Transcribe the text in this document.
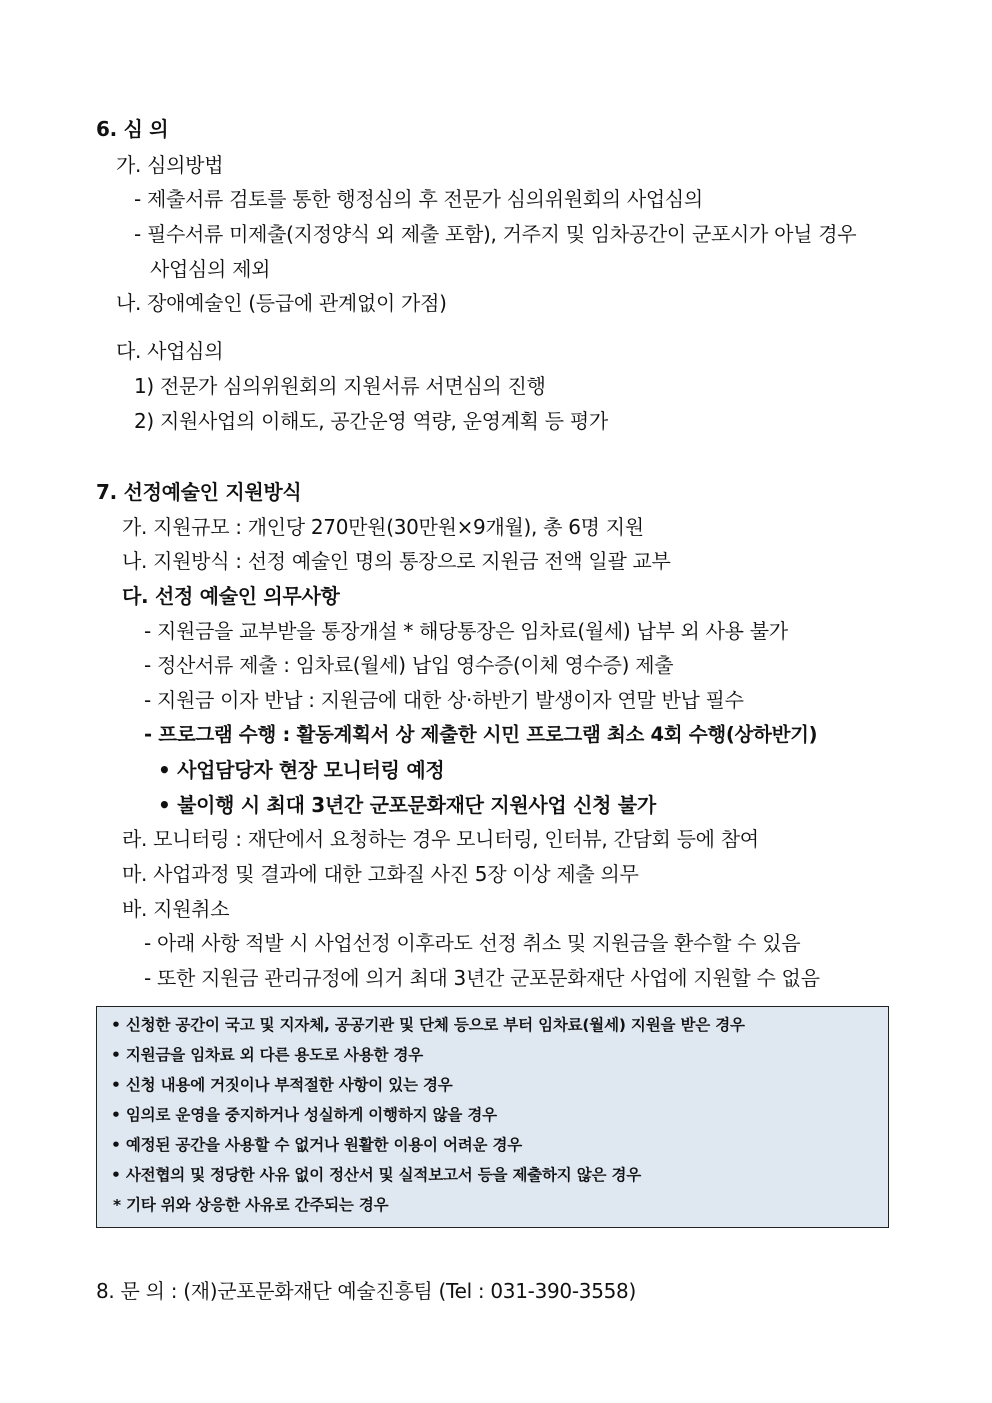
6. 심 의
가. 심의방법
- 제출서류 검토를 통한 행정심의 후 전문가 심의위원회의 사업심의
- 필수서류 미제출(지정양식 외 제출 포함), 거주지 및 임차공간이 군포시가 아닐 경우
사업심의 제외
나. 장애예술인 (등급에 관계없이 가점)
다. 사업심의
1) 전문가 심의위원회의 지원서류 서면심의 진행
2) 지원사업의 이해도, 공간운영 역량, 운영계획 등 평가
7. 선정예술인 지원방식
가. 지원규모 : 개인당 270만원(30만원×9개월), 총 6명 지원
나. 지원방식 : 선정 예술인 명의 통장으로 지원금 전액 일괄 교부
다. 선정 예술인 의무사항
- 지원금을 교부받을 통장개설 * 해당통장은 임차료(월세) 납부 외 사용 불가
- 정산서류 제출 : 임차료(월세) 납입 영수증(이체 영수증) 제출
- 지원금 이자 반납 : 지원금에 대한 상·하반기 발생이자 연말 반납 필수
- 프로그램 수행 : 활동계획서 상 제출한 시민 프로그램 최소 4회 수행(상하반기)
• 사업담당자 현장 모니터링 예정
• 불이행 시 최대 3년간 군포문화재단 지원사업 신청 불가
라. 모니터링 : 재단에서 요청하는 경우 모니터링, 인터뷰, 간담회 등에 참여
마. 사업과정 및 결과에 대한 고화질 사진 5장 이상 제출 의무
바. 지원취소
- 아래 사항 적발 시 사업선정 이후라도 선정 취소 및 지원금을 환수할 수 있음
- 또한 지원금 관리규정에 의거 최대 3년간 군포문화재단 사업에 지원할 수 없음
• 신청한 공간이 국고 및 지자체, 공공기관 및 단체 등으로 부터 임차료(월세) 지원을 받은 경우
• 지원금을 임차료 외 다른 용도로 사용한 경우
• 신청 내용에 거짓이나 부적절한 사항이 있는 경우
• 임의로 운영을 중지하거나 성실하게 이행하지 않을 경우
• 예정된 공간을 사용할 수 없거나 원활한 이용이 어려운 경우
• 사전협의 및 정당한 사유 없이 정산서 및 실적보고서 등을 제출하지 않은 경우
* 기타 위와 상응한 사유로 간주되는 경우
8. 문 의 : (재)군포문화재단 예술진흥팀 (Tel : 031-390-3558)
